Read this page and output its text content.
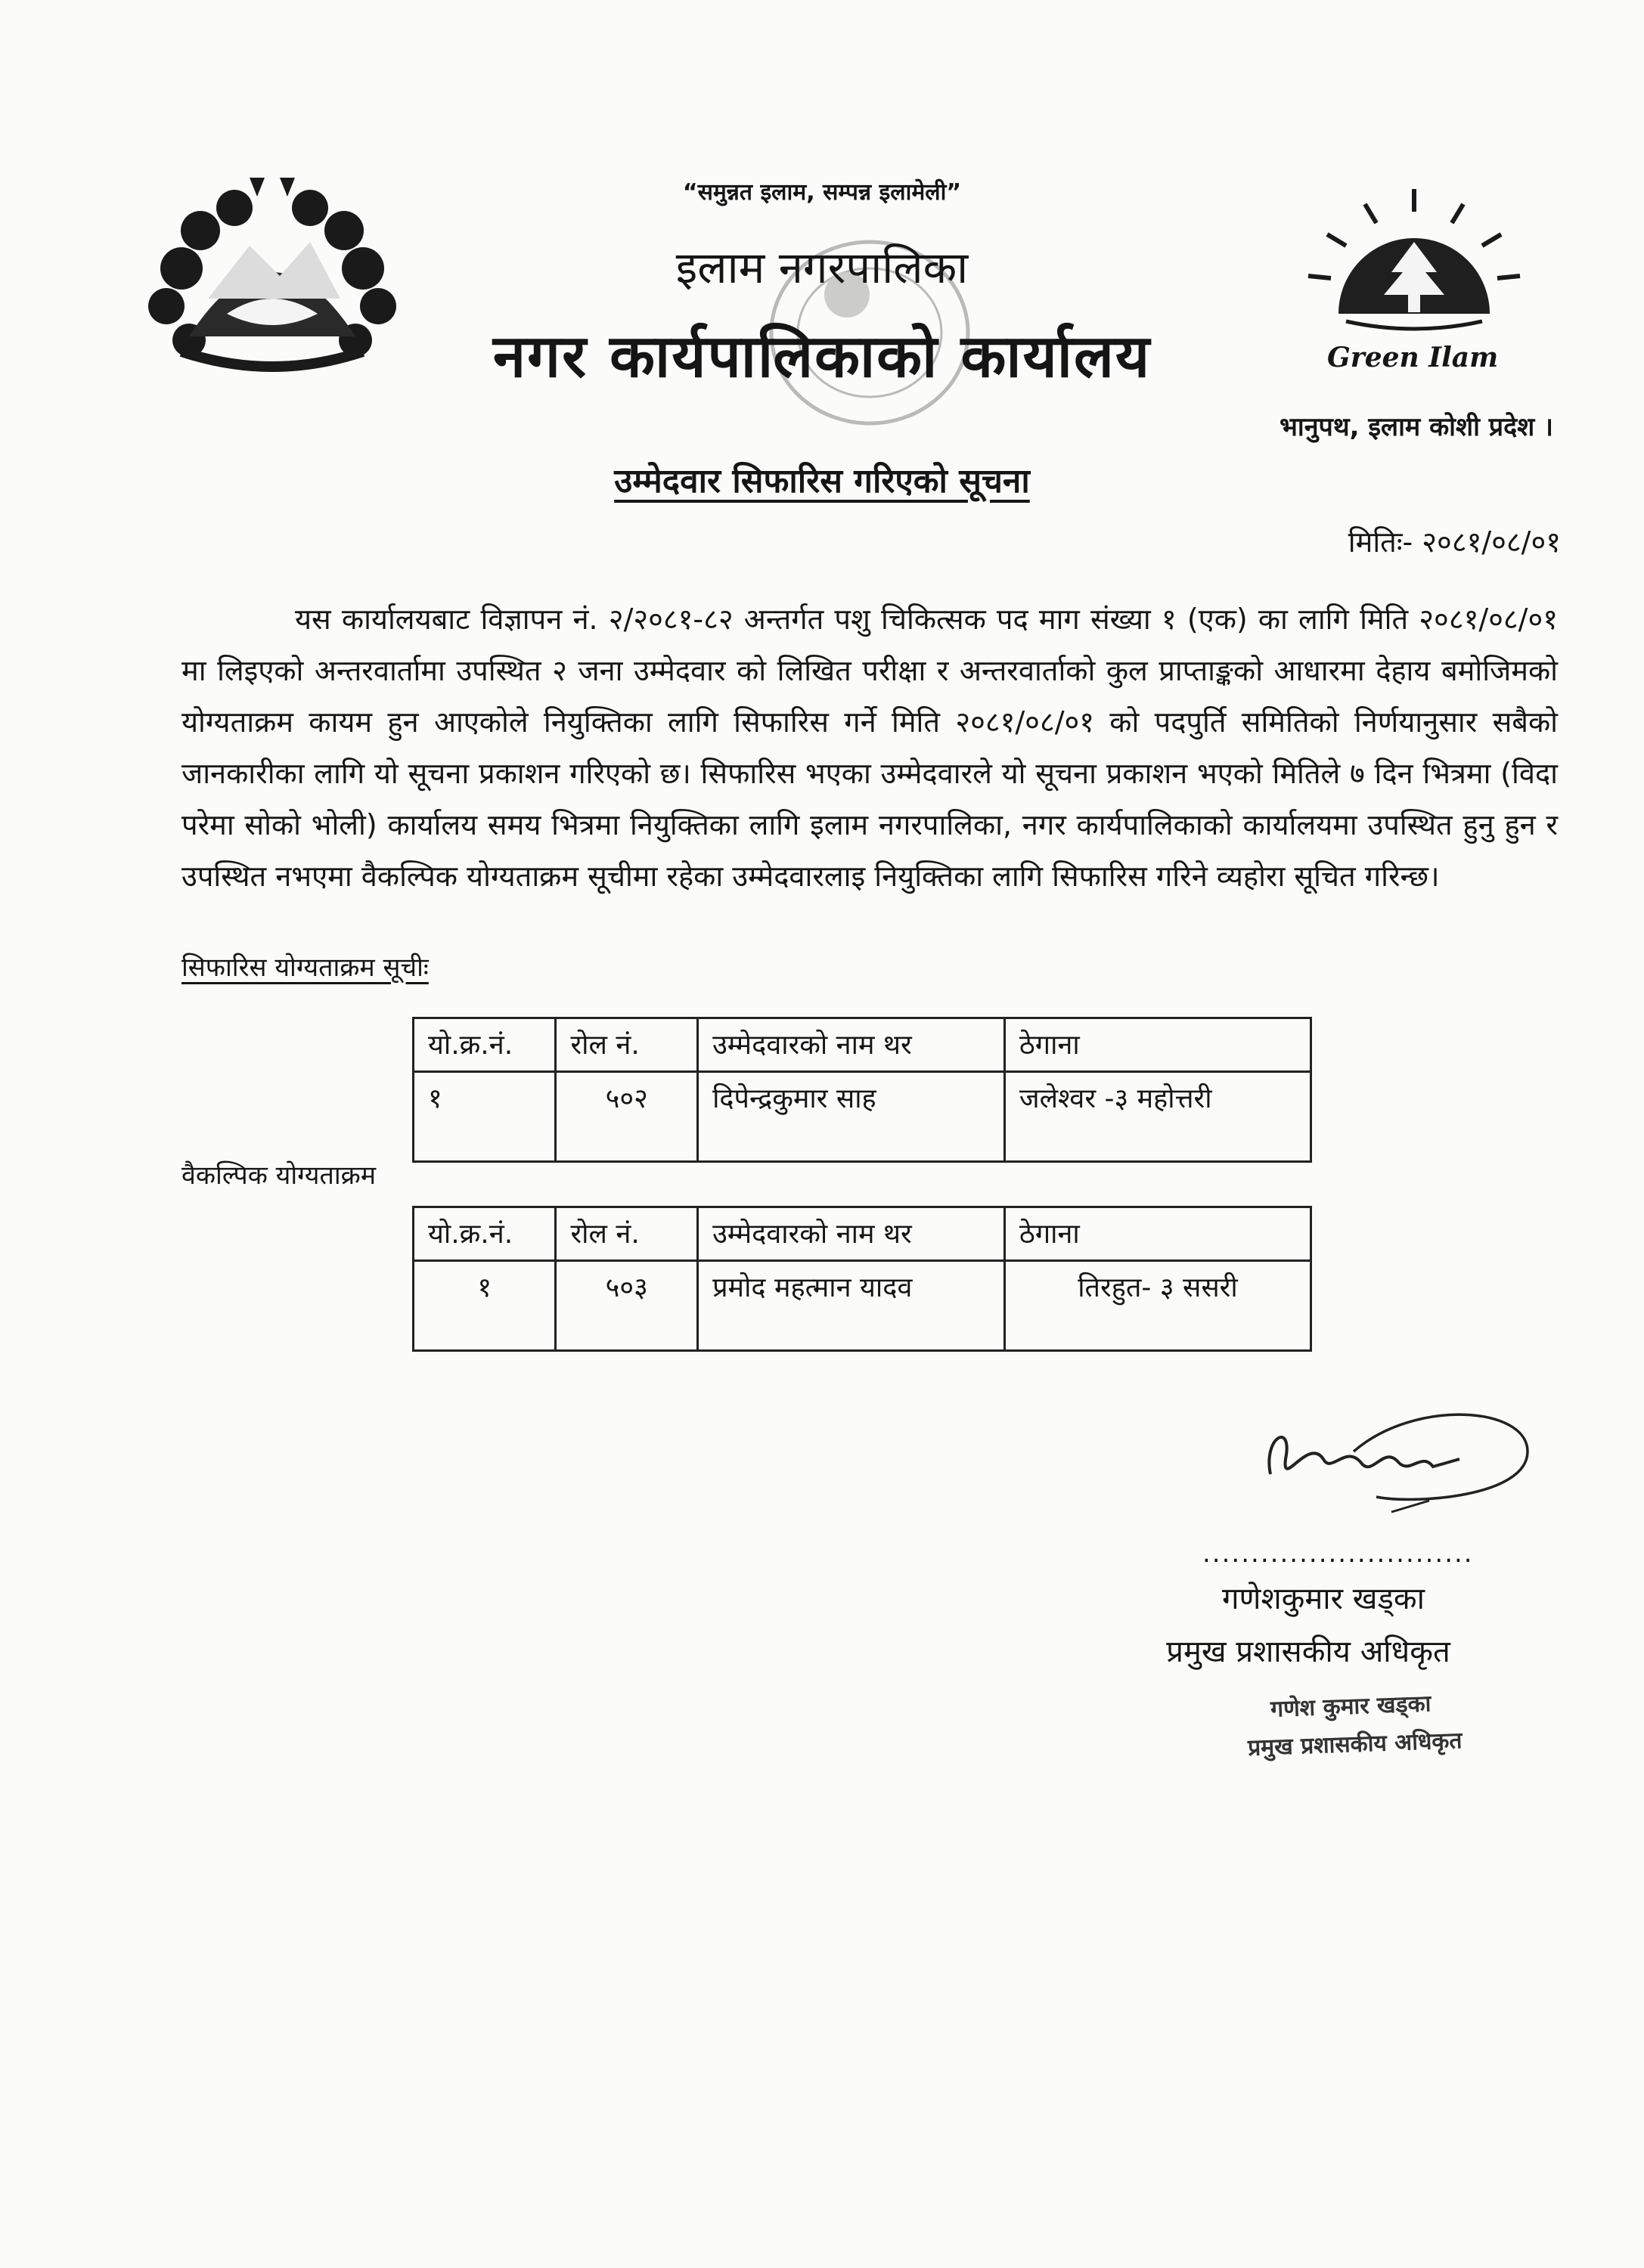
Green Ilam
“समुन्नत इलाम, सम्पन्न इलामेली”
इलाम नगरपालिका
नगर कार्यपालिकाको कार्यालय
भानुपथ, इलाम कोशी प्रदेश ।
उम्मेदवार सिफारिस गरिएको सूचना
मितिः- २०८१/०८/०१
यस कार्यालयबाट विज्ञापन नं. २/२०८१-८२ अन्तर्गत पशु चिकित्सक पद माग संख्या १ (एक) का लागि मिति २०८१/०८/०१ मा लिइएको अन्तरवार्तामा उपस्थित २ जना उम्मेदवार को लिखित परीक्षा र अन्तरवार्ताको कुल प्राप्ताङ्कको आधारमा देहाय बमोजिमको योग्यताक्रम कायम हुन आएकोले नियुक्तिका लागि सिफारिस गर्ने मिति २०८१/०८/०१ को पदपुर्ति समितिको निर्णयानुसार सबैको जानकारीका लागि यो सूचना प्रकाशन गरिएको छ। सिफारिस भएका उम्मेदवारले यो सूचना प्रकाशन भएको मितिले ७ दिन भित्रमा (विदा परेमा सोको भोली) कार्यालय समय भित्रमा नियुक्तिका लागि इलाम नगरपालिका, नगर कार्यपालिकाको कार्यालयमा उपस्थित हुनु हुन र उपस्थित नभएमा वैकल्पिक योग्यताक्रम सूचीमा रहेका उम्मेदवारलाइ नियुक्तिका लागि सिफारिस गरिने व्यहोरा सूचित गरिन्छ।
सिफारिस योग्यताक्रम सूचीः
यो.क्र.नं.	रोल नं.	उम्मेदवारको नाम थर	ठेगाना
१	५०२	दिपेन्द्रकुमार साह	जलेश्वर -३ महोत्तरी
वैकल्पिक योग्यताक्रम
यो.क्र.नं.	रोल नं.	उम्मेदवारको नाम थर	ठेगाना
१	५०३	प्रमोद महत्मान यादव	तिरहुत- ३ ससरी
............................
गणेशकुमार खड्का
प्रमुख प्रशासकीय अधिकृत
गणेश कुमार खड्का
प्रमुख प्रशासकीय अधिकृत
